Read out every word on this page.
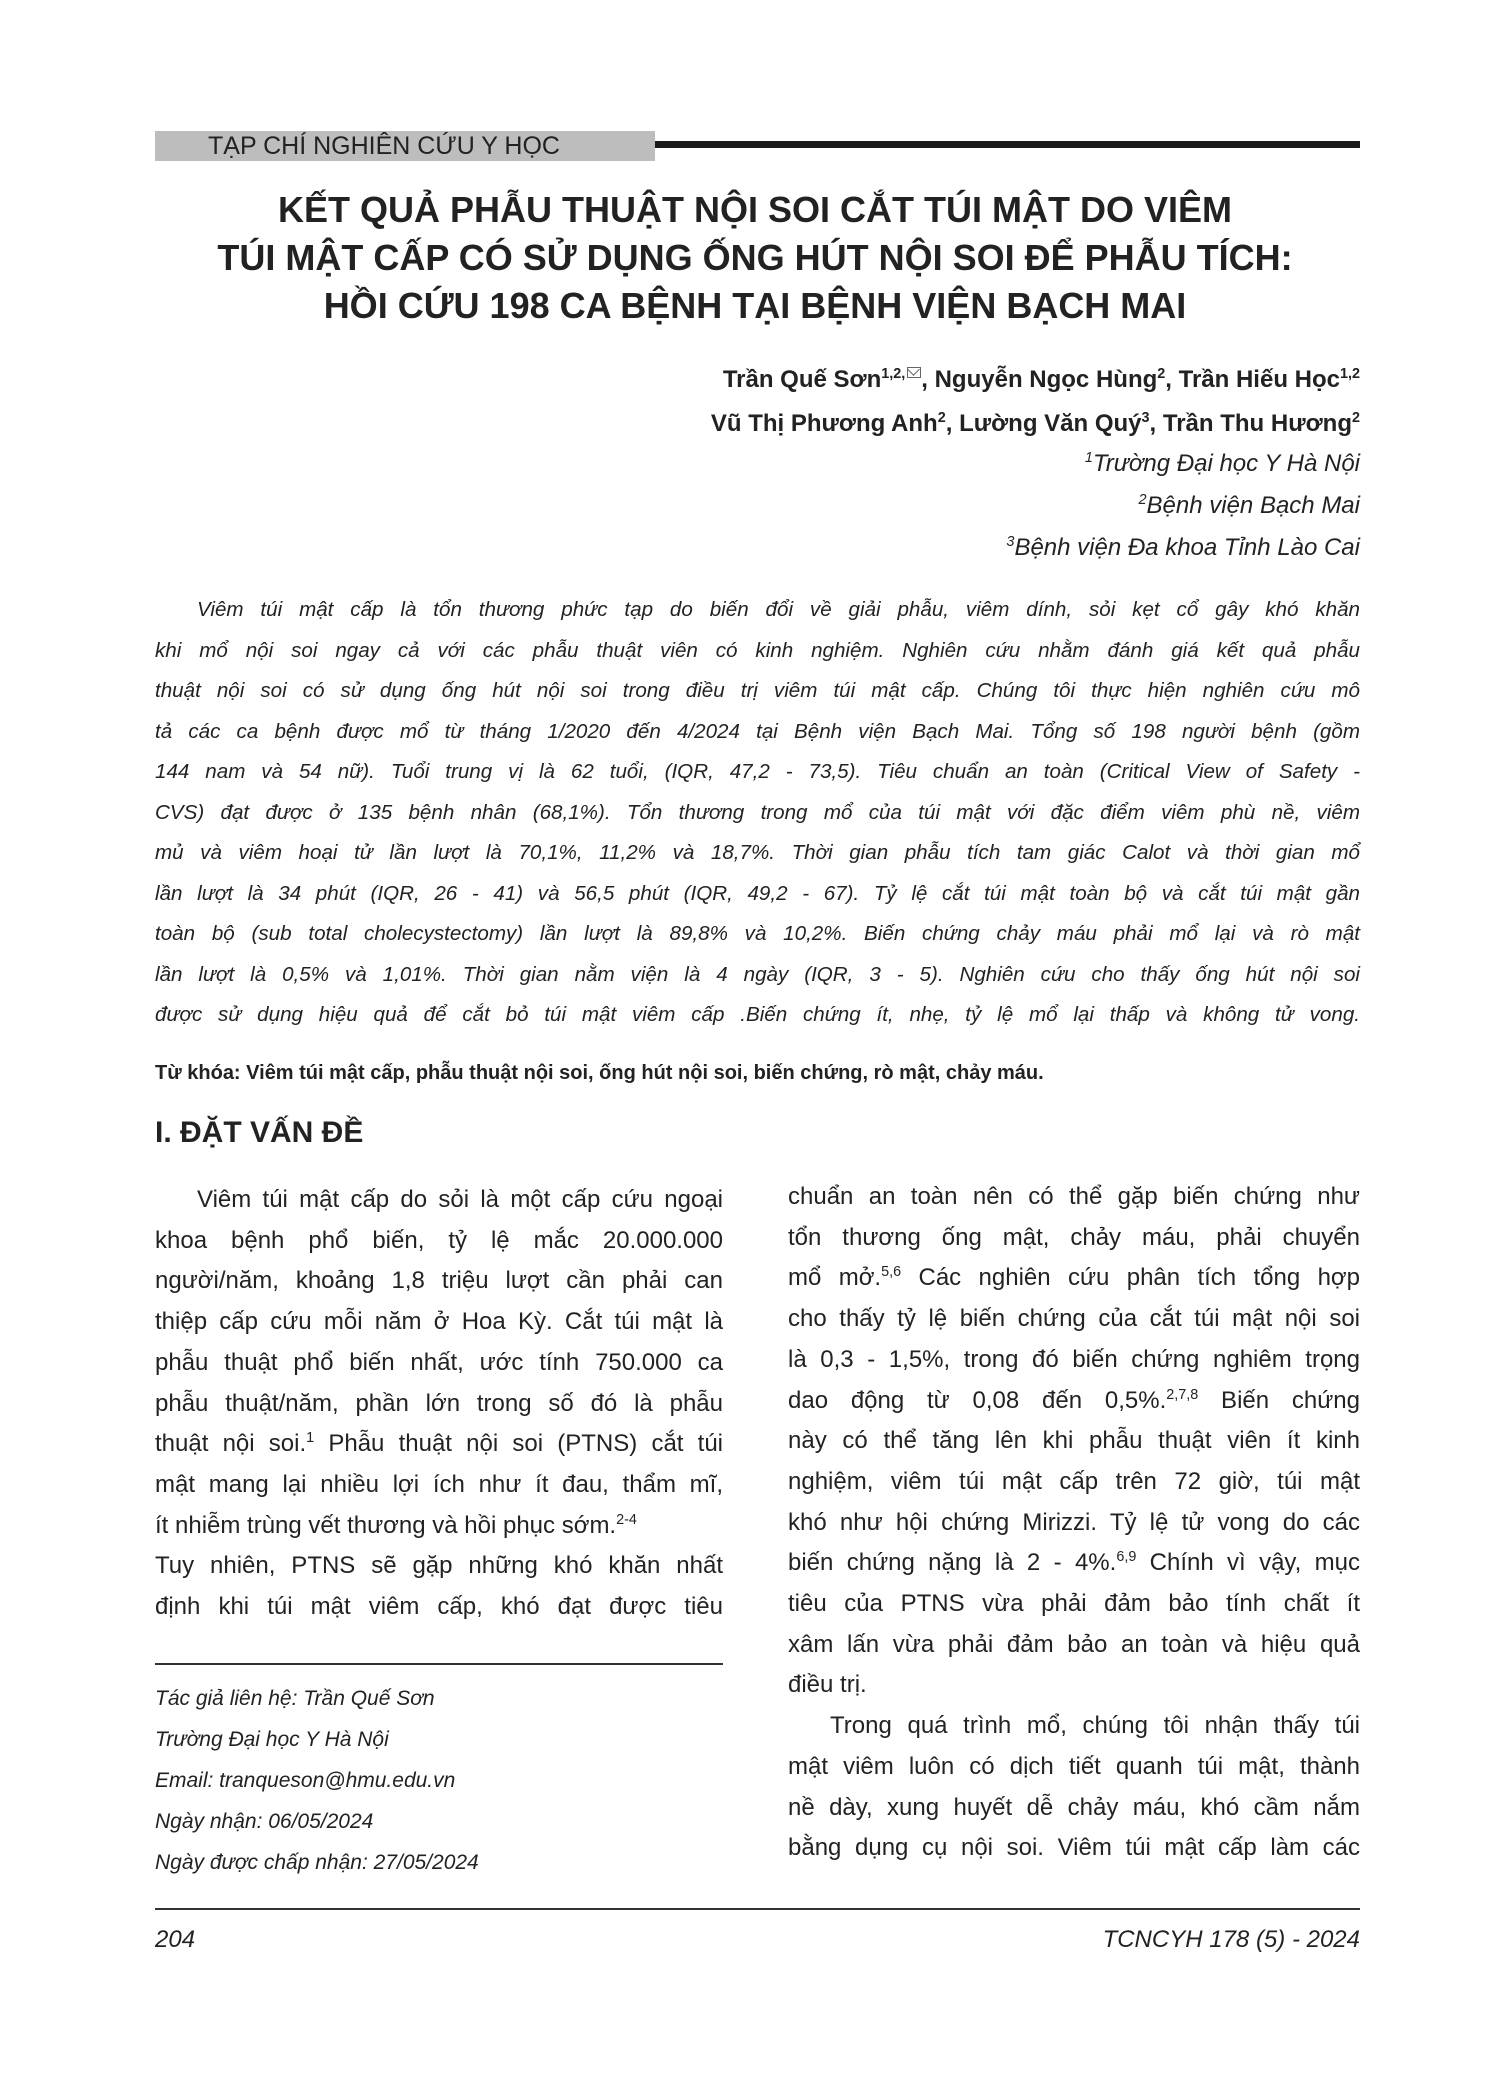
TẠP CHÍ NGHIÊN CỨU Y HỌC
KẾT QUẢ PHẪU THUẬT NỘI SOI CẮT TÚI MẬT DO VIÊM
TÚI MẬT CẤP CÓ SỬ DỤNG ỐNG HÚT NỘI SOI ĐỂ PHẪU TÍCH:
HỒI CỨU 198 CA BỆNH TẠI BỆNH VIỆN BẠCH MAI
Trần Quế Sơn$^{1,2,}$ , Nguyễn Ngọc Hùng$^2$, Trần Hiếu Học$^{1,2}$
Vũ Thị Phương Anh$^2$, Lường Văn Quý$^3$, Trần Thu Hương$^2$
$^1$Trường Đại học Y Hà Nội
$^2$Bệnh viện Bạch Mai
$^3$Bệnh viện Đa khoa Tỉnh Lào Cai
Viêm túi mật cấp là tổn thương phức tạp do biến đổi về giải phẫu, viêm dính, sỏi kẹt cổ gây khó khăn
khi mổ nội soi ngay cả với các phẫu thuật viên có kinh nghiệm. Nghiên cứu nhằm đánh giá kết quả phẫu
thuật nội soi có sử dụng ống hút nội soi trong điều trị viêm túi mật cấp. Chúng tôi thực hiện nghiên cứu mô
tả các ca bệnh được mổ từ tháng 1/2020 đến 4/2024 tại Bệnh viện Bạch Mai. Tổng số 198 người bệnh (gồm
144 nam và 54 nữ). Tuổi trung vị là 62 tuổi, (IQR, 47,2 - 73,5). Tiêu chuẩn an toàn (Critical View of Safety -
CVS) đạt được ở 135 bệnh nhân (68,1%). Tổn thương trong mổ của túi mật với đặc điểm viêm phù nề, viêm
mủ và viêm hoại tử lần lượt là 70,1%, 11,2% và 18,7%. Thời gian phẫu tích tam giác Calot và thời gian mổ
lần lượt là 34 phút (IQR, 26 - 41) và 56,5 phút (IQR, 49,2 - 67). Tỷ lệ cắt túi mật toàn bộ và cắt túi mật gần
toàn bộ (sub total cholecystectomy) lần lượt là 89,8% và 10,2%. Biến chứng chảy máu phải mổ lại và rò mật
lần lượt là 0,5% và 1,01%. Thời gian nằm viện là 4 ngày (IQR, 3 - 5). Nghiên cứu cho thấy ống hút nội soi
được sử dụng hiệu quả để cắt bỏ túi mật viêm cấp .Biến chứng ít, nhẹ, tỷ lệ mổ lại thấp và không tử vong.
Từ khóa: Viêm túi mật cấp, phẫu thuật nội soi, ống hút nội soi, biến chứng, rò mật, chảy máu.
I. ĐẶT VẤN ĐỀ
Viêm túi mật cấp do sỏi là một cấp cứu ngoại
khoa bệnh phổ biến, tỷ lệ mắc 20.000.000
người/năm, khoảng 1,8 triệu lượt cần phải can
thiệp cấp cứu mỗi năm ở Hoa Kỳ. Cắt túi mật là
phẫu thuật phổ biến nhất, ước tính 750.000 ca
phẫu thuật/năm, phần lớn trong số đó là phẫu
thuật nội soi.$^1$ Phẫu thuật nội soi (PTNS) cắt túi
mật mang lại nhiều lợi ích như ít đau, thẩm mĩ,
ít nhiễm trùng vết thương và hồi phục sớm.$^{2-4}$
Tuy nhiên, PTNS sẽ gặp những khó khăn nhất
định khi túi mật viêm cấp, khó đạt được tiêu
chuẩn an toàn nên có thể gặp biến chứng như
tổn thương ống mật, chảy máu, phải chuyển
mổ mở.$^{5,6}$ Các nghiên cứu phân tích tổng hợp
cho thấy tỷ lệ biến chứng của cắt túi mật nội soi
là 0,3 - 1,5%, trong đó biến chứng nghiêm trọng
dao động từ 0,08 đến 0,5%.$^{2,7,8}$ Biến chứng
này có thể tăng lên khi phẫu thuật viên ít kinh
nghiệm, viêm túi mật cấp trên 72 giờ, túi mật
khó như hội chứng Mirizzi. Tỷ lệ tử vong do các
biến chứng nặng là 2 - 4%.$^{6,9}$ Chính vì vậy, mục
tiêu của PTNS vừa phải đảm bảo tính chất ít
xâm lấn vừa phải đảm bảo an toàn và hiệu quả
điều trị.
Trong quá trình mổ, chúng tôi nhận thấy túi
mật viêm luôn có dịch tiết quanh túi mật, thành
nề dày, xung huyết dễ chảy máu, khó cầm nắm
bằng dụng cụ nội soi. Viêm túi mật cấp làm các
Tác giả liên hệ: Trần Quế Sơn
Trường Đại học Y Hà Nội
Email: tranqueson@hmu.edu.vn
Ngày nhận: 06/05/2024
Ngày được chấp nhận: 27/05/2024
204	TCNCYH 178 (5) - 2024
